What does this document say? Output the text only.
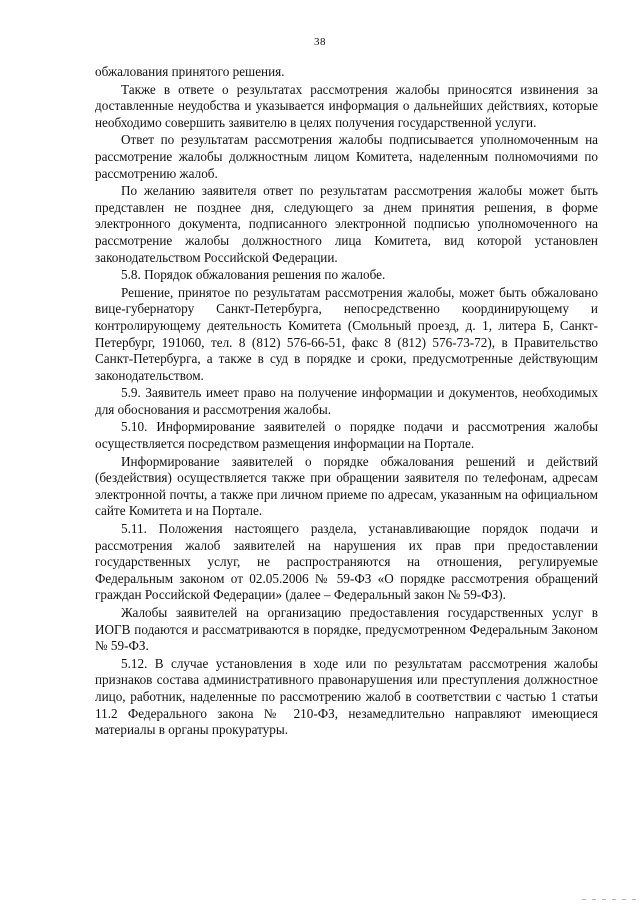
38

обжалования принятого решения.

Также в ответе о результатах рассмотрения жалобы приносятся извинения за доставленные неудобства и указывается информация о дальнейших действиях, которые необходимо совершить заявителю в целях получения государственной услуги.

Ответ по результатам рассмотрения жалобы подписывается уполномоченным на рассмотрение жалобы должностным лицом Комитета, наделенным полномочиями по рассмотрению жалоб.

По желанию заявителя ответ по результатам рассмотрения жалобы может быть представлен не позднее дня, следующего за днем принятия решения, в форме электронного документа, подписанного электронной подписью уполномоченного на рассмотрение жалобы должностного лица Комитета, вид которой установлен законодательством Российской Федерации.

5.8. Порядок обжалования решения по жалобе.

Решение, принятое по результатам рассмотрения жалобы, может быть обжаловано вице-губернатору Санкт-Петербурга, непосредственно координирующему и контролирующему деятельность Комитета (Смольный проезд, д. 1, литера Б, Санкт-Петербург, 191060, тел. 8 (812) 576-66-51, факс 8 (812) 576-73-72), в Правительство Санкт-Петербурга, а также в суд в порядке и сроки, предусмотренные действующим законодательством.

5.9. Заявитель имеет право на получение информации и документов, необходимых для обоснования и рассмотрения жалобы.

5.10. Информирование заявителей о порядке подачи и рассмотрения жалобы осуществляется посредством размещения информации на Портале.

Информирование заявителей о порядке обжалования решений и действий (бездействия) осуществляется также при обращении заявителя по телефонам, адресам электронной почты, а также при личном приеме по адресам, указанным на официальном сайте Комитета и на Портале.

5.11. Положения настоящего раздела, устанавливающие порядок подачи и рассмотрения жалоб заявителей на нарушения их прав при предоставлении государственных услуг, не распространяются на отношения, регулируемые Федеральным законом от 02.05.2006 № 59-ФЗ «О порядке рассмотрения обращений граждан Российской Федерации» (далее – Федеральный закон № 59-ФЗ).

Жалобы заявителей на организацию предоставления государственных услуг в ИОГВ подаются и рассматриваются в порядке, предусмотренном Федеральным Законом № 59-ФЗ.

5.12. В случае установления в ходе или по результатам рассмотрения жалобы признаков состава административного правонарушения или преступления должностное лицо, работник, наделенные по рассмотрению жалоб в соответствии с частью 1 статьи 11.2 Федерального закона № 210-ФЗ, незамедлительно направляют имеющиеся материалы в органы прокуратуры.

– – – – – –
